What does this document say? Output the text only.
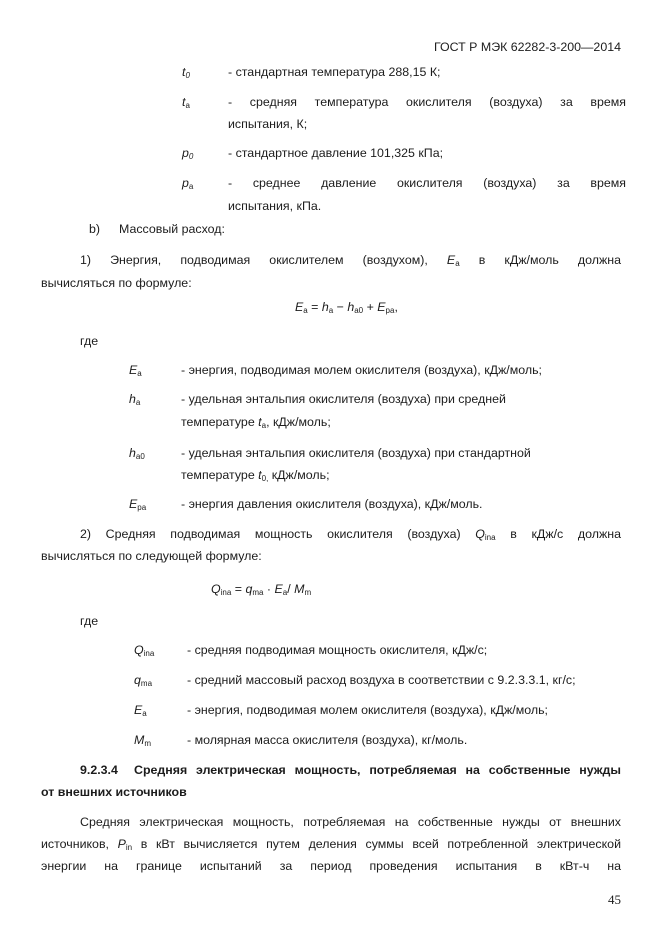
ГОСТ Р МЭК 62282-3-200—2014
$t_0$	- стандартная температура 288,15 К;
$t_a$	- средняя температура окислителя (воздуха) за время
испытания, К;
$p_0$	- стандартное давление 101,325 кПа;
$p_a$	- среднее давление окислителя (воздуха) за время
испытания, кПа.
b) Массовый расход:
1) Энергия, подводимая окислителем (воздухом), $E_a$ в кДж/моль должна
вычисляться по формуле:
$E_a = h_a - h_{a0} + E_{pa}$,
где
$E_a$	- энергия, подводимая молем окислителя (воздуха), кДж/моль;
$h_a$	- удельная энтальпия окислителя (воздуха) при средней
температуре $t_a$, кДж/моль;
$h_{a0}$	- удельная энтальпия окислителя (воздуха) при стандартной
температуре $t_{0,}$ кДж/моль;
$E_{pa}$	- энергия давления окислителя (воздуха), кДж/моль.
2) Средняя подводимая мощность окислителя (воздуха) $Q_{ina}$ в кДж/с должна
вычисляться по следующей формуле:
$Q_{ina} = q_{ma} \cdot E_a/$ $M_m$
где
$Q_{ina}$	- средняя подводимая мощность окислителя, кДж/с;
$q_{ma}$	- средний массовый расход воздуха в соответствии с 9.2.3.3.1, кг/с;
$E_a$	- энергия, подводимая молем окислителя (воздуха), кДж/моль;
$M_m$	- молярная масса окислителя (воздуха), кг/моль.
9.2.3.4 Средняя электрическая мощность, потребляемая на собственные нужды
от внешних источников
Средняя электрическая мощность, потребляемая на собственные нужды от внешних
источников, $P_{in}$ в кВт вычисляется путем деления суммы всей потребленной электрической
энергии на границе испытаний за период проведения испытания в кВт-ч на
45
